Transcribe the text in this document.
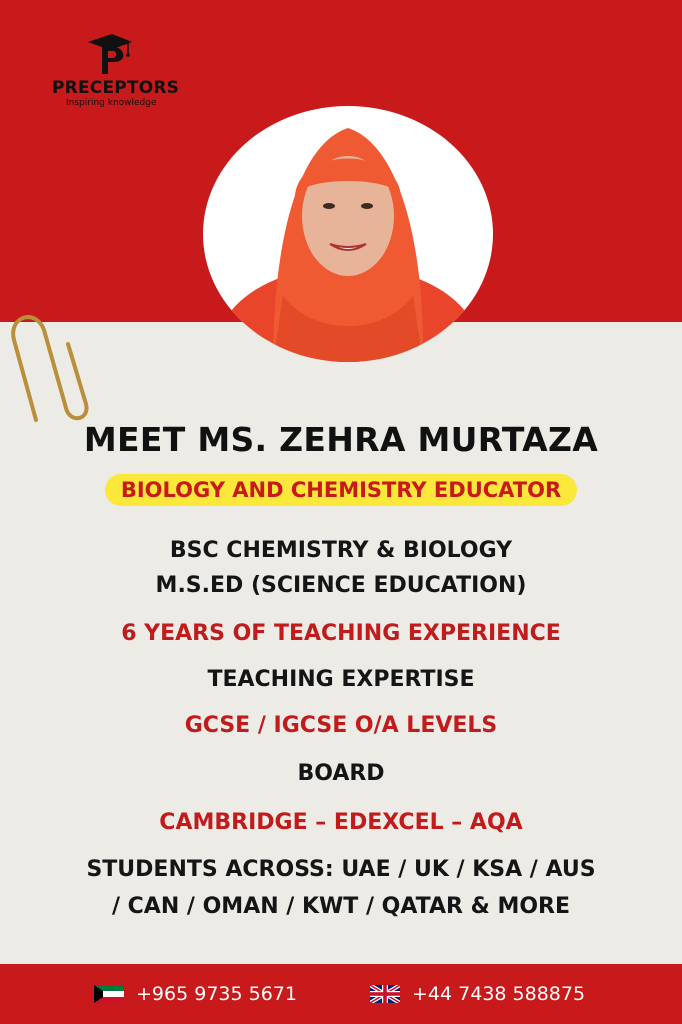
PRECEPTORS
Inspiring knowledge
MEET MS. ZEHRA MURTAZA
BIOLOGY AND CHEMISTRY EDUCATOR
BSC CHEMISTRY & BIOLOGY
M.S.ED (SCIENCE EDUCATION)
6 YEARS OF TEACHING EXPERIENCE
TEACHING EXPERTISE
GCSE / IGCSE O/A LEVELS
BOARD
CAMBRIDGE – EDEXCEL – AQA
STUDENTS ACROSS: UAE / UK / KSA / AUS
/ CAN / OMAN / KWT / QATAR & MORE
+965 9735 5671	+44 7438 588875
